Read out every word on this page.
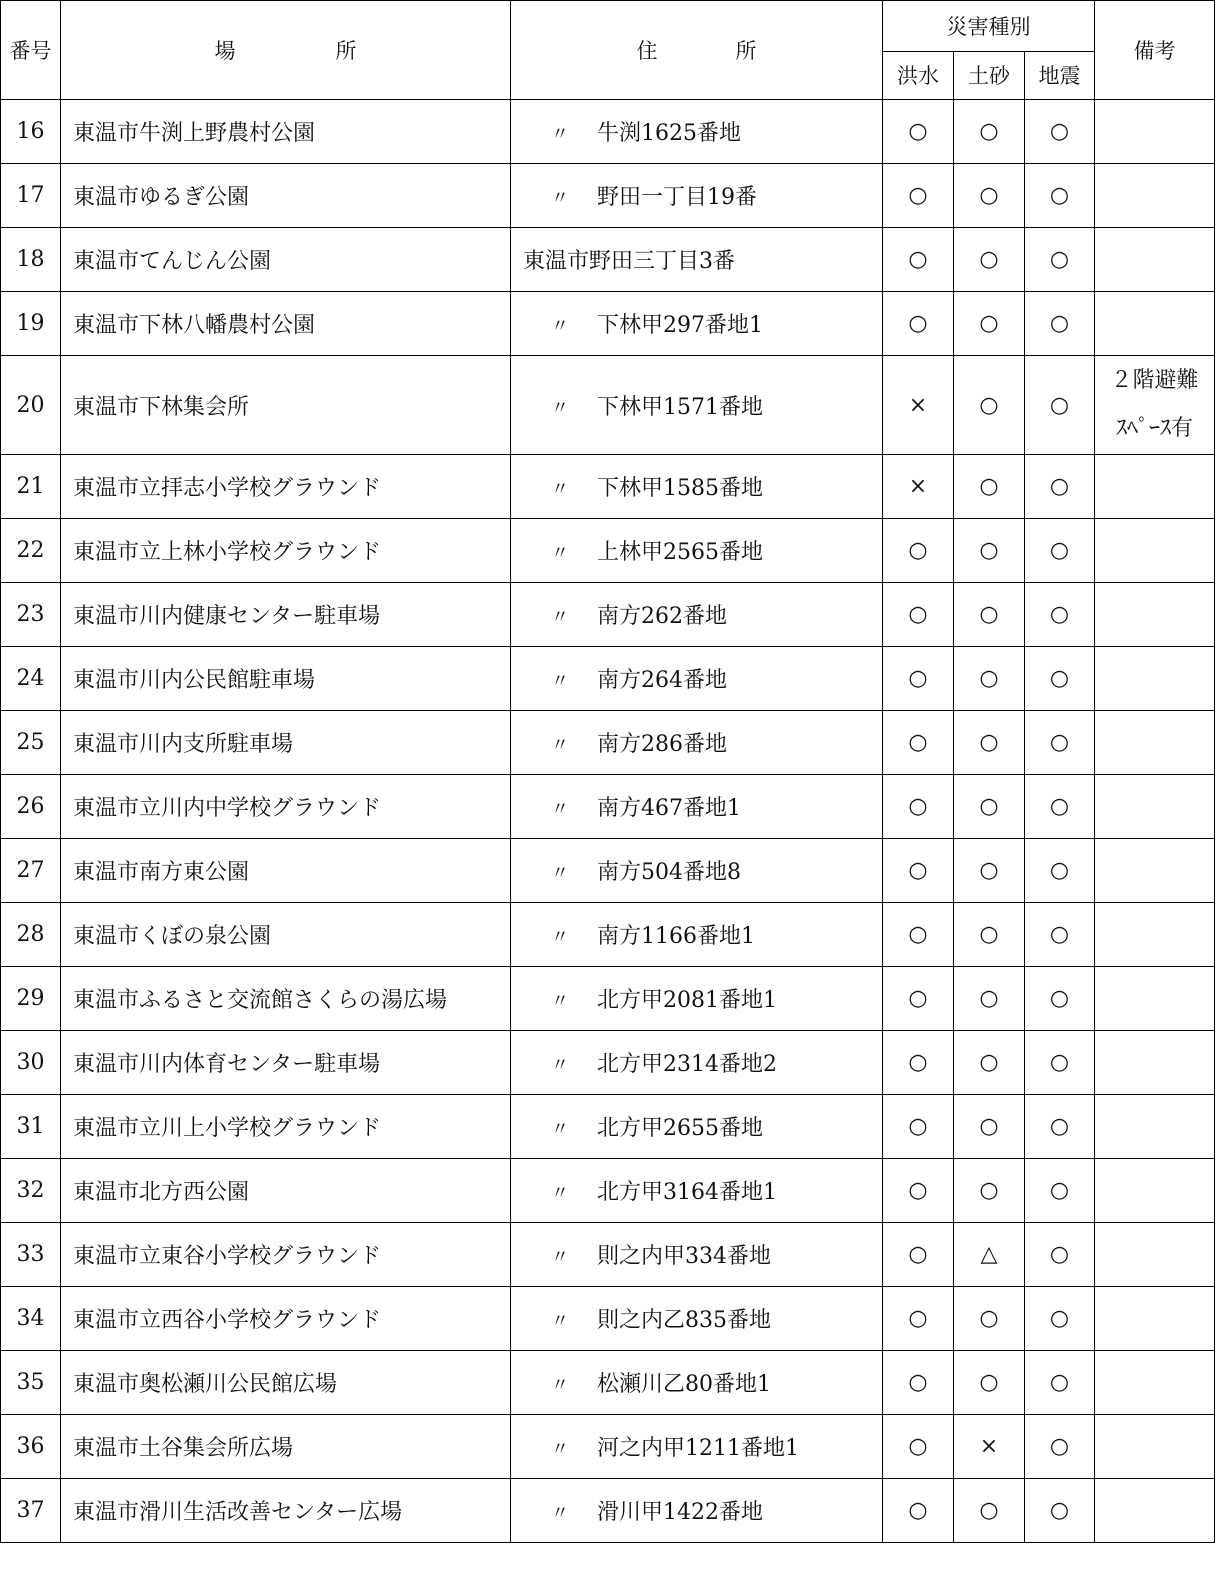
番号	場 所	住 所	災害種別			備考
			洪水	土砂	地震	
16	東温市牛渕上野農村公園	〃 牛渕1625番地	○	○	○	
17	東温市ゆるぎ公園	〃 野田一丁目19番	○	○	○	
18	東温市てんじん公園	東温市野田三丁目3番	○	○	○	
19	東温市下林八幡農村公園	〃 下林甲297番地1	○	○	○	
20	東温市下林集会所	〃 下林甲1571番地	×	○	○	２階避難
ｽﾍﾟｰｽ有

21	東温市立拝志小学校グラウンド	〃 下林甲1585番地	×	○	○	
22	東温市立上林小学校グラウンド	〃 上林甲2565番地	○	○	○	
23	東温市川内健康センター駐車場	〃 南方262番地	○	○	○	
24	東温市川内公民館駐車場	〃 南方264番地	○	○	○	
25	東温市川内支所駐車場	〃 南方286番地	○	○	○	
26	東温市立川内中学校グラウンド	〃 南方467番地1	○	○	○	
27	東温市南方東公園	〃 南方504番地8	○	○	○	
28	東温市くぼの泉公園	〃 南方1166番地1	○	○	○	
29	東温市ふるさと交流館さくらの湯広場	〃 北方甲2081番地1	○	○	○	
30	東温市川内体育センター駐車場	〃 北方甲2314番地2	○	○	○	
31	東温市立川上小学校グラウンド	〃 北方甲2655番地	○	○	○	
32	東温市北方西公園	〃 北方甲3164番地1	○	○	○	
33	東温市立東谷小学校グラウンド	〃 則之内甲334番地	○	△	○	
34	東温市立西谷小学校グラウンド	〃 則之内乙835番地	○	○	○	
35	東温市奥松瀬川公民館広場	〃 松瀬川乙80番地1	○	○	○	
36	東温市土谷集会所広場	〃 河之内甲1211番地1	○	×	○	
37	東温市滑川生活改善センター広場	〃 滑川甲1422番地	○	○	○	
